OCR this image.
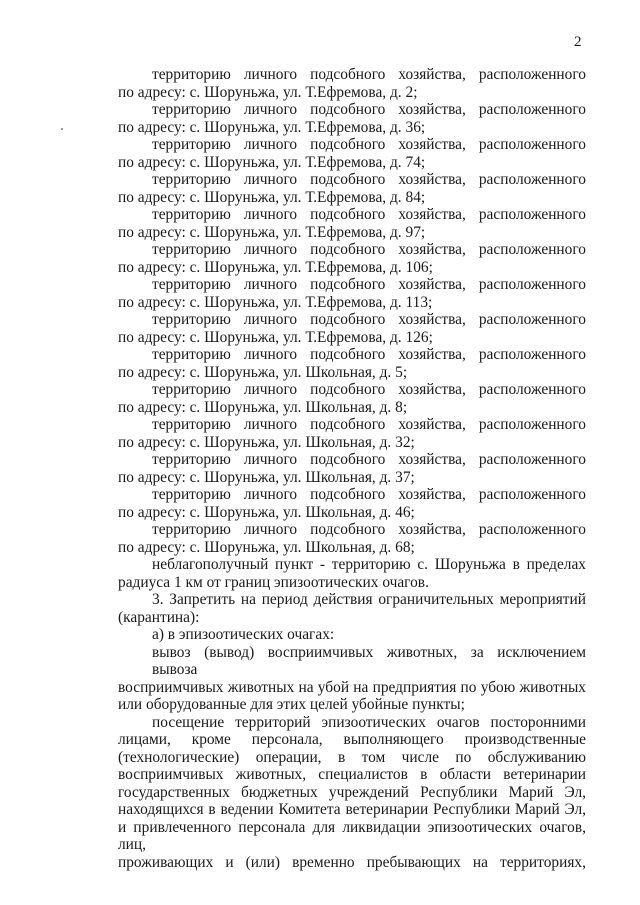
2
территорию личного подсобного хозяйства, расположенного
по адресу: с. Шоруньжа, ул. Т.Ефремова, д. 2;
территорию личного подсобного хозяйства, расположенного
по адресу: с. Шоруньжа, ул. Т.Ефремова, д. 36;
территорию личного подсобного хозяйства, расположенного
по адресу: с. Шоруньжа, ул. Т.Ефремова, д. 74;
территорию личного подсобного хозяйства, расположенного
по адресу: с. Шоруньжа, ул. Т.Ефремова, д. 84;
территорию личного подсобного хозяйства, расположенного
по адресу: с. Шоруньжа, ул. Т.Ефремова, д. 97;
территорию личного подсобного хозяйства, расположенного
по адресу: с. Шоруньжа, ул. Т.Ефремова, д. 106;
территорию личного подсобного хозяйства, расположенного
по адресу: с. Шоруньжа, ул. Т.Ефремова, д. 113;
территорию личного подсобного хозяйства, расположенного
по адресу: с. Шоруньжа, ул. Т.Ефремова, д. 126;
территорию личного подсобного хозяйства, расположенного
по адресу: с. Шоруньжа, ул. Школьная, д. 5;
территорию личного подсобного хозяйства, расположенного
по адресу: с. Шоруньжа, ул. Школьная, д. 8;
территорию личного подсобного хозяйства, расположенного
по адресу: с. Шоруньжа, ул. Школьная, д. 32;
территорию личного подсобного хозяйства, расположенного
по адресу: с. Шоруньжа, ул. Школьная, д. 37;
территорию личного подсобного хозяйства, расположенного
по адресу: с. Шоруньжа, ул. Школьная, д. 46;
территорию личного подсобного хозяйства, расположенного
по адресу: с. Шоруньжа, ул. Школьная, д. 68;
неблагополучный пункт - территорию с. Шоруньжа в пределах
радиуса 1 км от границ эпизоотических очагов.
3. Запретить на период действия ограничительных мероприятий
(карантина):
а) в эпизоотических очагах:
вывоз (вывод) восприимчивых животных, за исключением вывоза
восприимчивых животных на убой на предприятия по убою животных
или оборудованные для этих целей убойные пункты;
посещение территорий эпизоотических очагов посторонними
лицами, кроме персонала, выполняющего производственные
(технологические) операции, в том числе по обслуживанию
восприимчивых животных, специалистов в области ветеринарии
государственных бюджетных учреждений Республики Марий Эл,
находящихся в ведении Комитета ветеринарии Республики Марий Эл,
и привлеченного персонала для ликвидации эпизоотических очагов, лиц,
проживающих и (или) временно пребывающих на территориях,
